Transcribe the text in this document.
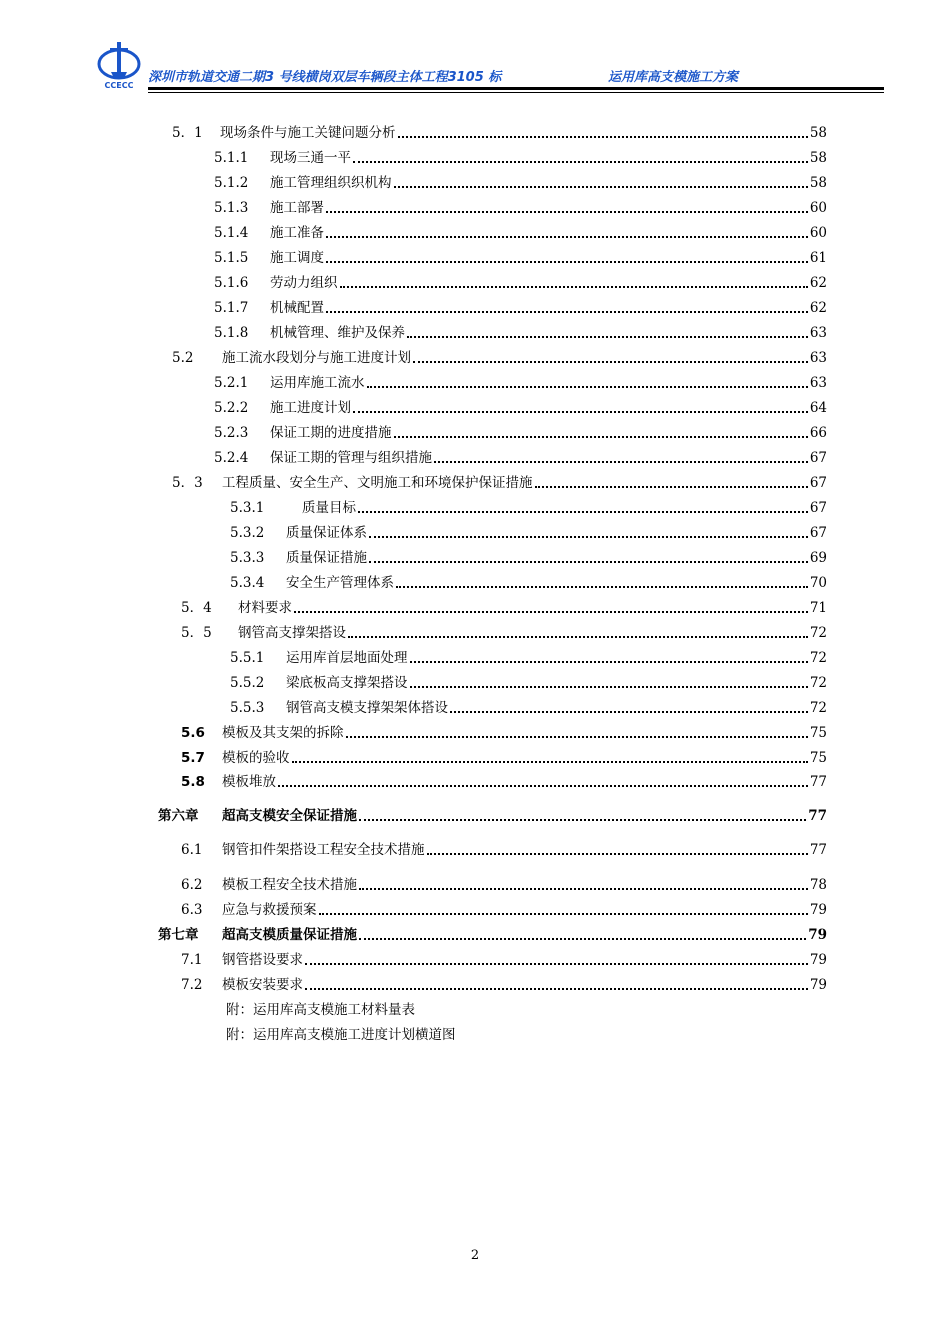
CCECC
深圳市轨道交通二期3 号线横岗双层车辆段主体工程3105 标	运用库高支模施工方案
5．1	现场条件与施工关键问题分析	58
5.1.1	现场三通一平	58
5.1.2	施工管理组织织机构	58
5.1.3	施工部署	60
5.1.4	施工准备	60
5.1.5	施工调度	61
5.1.6	劳动力组织	62
5.1.7	机械配置	62
5.1.8	机械管理、维护及保养	63
5.2	施工流水段划分与施工进度计划	63
5.2.1	运用库施工流水	63
5.2.2	施工进度计划	64
5.2.3	保证工期的进度措施	66
5.2.4	保证工期的管理与组织措施	67
5．3	工程质量、安全生产、文明施工和环境保护保证措施	67
5.3.1	质量目标	67
5.3.2	质量保证体系	67
5.3.3	质量保证措施	69
5.3.4	安全生产管理体系	70
5．4	材料要求	71
5．5	钢管高支撑架搭设	72
5.5.1	运用库首层地面处理	72
5.5.2	梁底板高支撑架搭设	72
5.5.3	钢管高支模支撑架架体搭设	72
5.6	模板及其支架的拆除	75
5.7	模板的验收	75
5.8	模板堆放	77
第六章	超高支模安全保证措施	77
6.1	钢管扣件架搭设工程安全技术措施	77
6.2	模板工程安全技术措施	78
6.3	应急与救援预案	79
第七章	超高支模质量保证措施	79
7.1	钢管搭设要求	79
7.2	模板安装要求	79
附：运用库高支模施工材料量表
附：运用库高支模施工进度计划横道图
2
